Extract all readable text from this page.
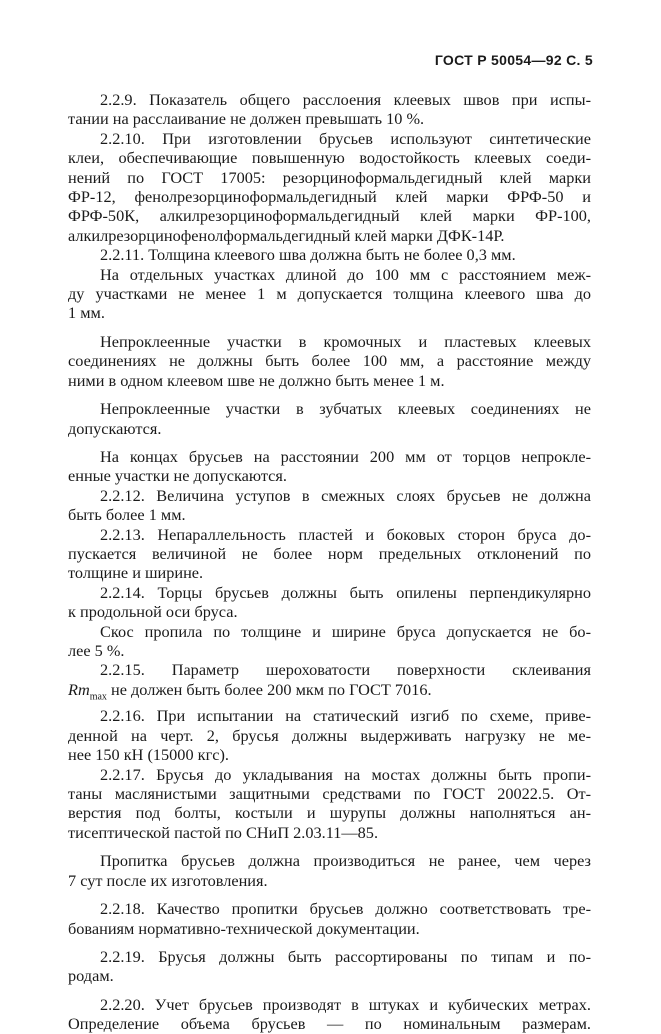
ГОСТ Р 50054—92 С. 5
2.2.9. Показатель общего расслоения клеевых швов при испы-
тании на расслаивание не должен превышать 10 %.
2.2.10. При изготовлении брусьев используют синтетические
клеи, обеспечивающие повышенную водостойкость клеевых соеди-
нений по ГОСТ 17005: резорциноформальдегидный клей марки
ФР-12, фенолрезорциноформальдегидный клей марки ФРФ-50 и
ФРФ-50К, алкилрезорциноформальдегидный клей марки ФР-100,
алкилрезорцинофенолформальдегидный клей марки ДФК-14Р.
2.2.11. Толщина клеевого шва должна быть не более 0,3 мм.
На отдельных участках длиной до 100 мм с расстоянием меж-
ду участками не менее 1 м допускается толщина клеевого шва до
1 мм.
Непроклеенные участки в кромочных и пластевых клеевых
соединениях не должны быть более 100 мм, а расстояние между
ними в одном клеевом шве не должно быть менее 1 м.
Непроклеенные участки в зубчатых клеевых соединениях не
допускаются.
На концах брусьев на расстоянии 200 мм от торцов непрокле-
енные участки не допускаются.
2.2.12. Величина уступов в смежных слоях брусьев не должна
быть более 1 мм.
2.2.13. Непараллельность пластей и боковых сторон бруса до-
пускается величиной не более норм предельных отклонений по
толщине и ширине.
2.2.14. Торцы брусьев должны быть опилены перпендикулярно
к продольной оси бруса.
Скос пропила по толщине и ширине бруса допускается не бо-
лее 5 %.
2.2.15. Параметр шероховатости поверхности склеивания
$Rm_{max}$ не должен быть более 200 мкм по ГОСТ 7016.
2.2.16. При испытании на статический изгиб по схеме, приве-
денной на черт. 2, брусья должны выдерживать нагрузку не ме-
нее 150 кН (15000 кгс).
2.2.17. Брусья до укладывания на мостах должны быть пропи-
таны маслянистыми защитными средствами по ГОСТ 20022.5. От-
верстия под болты, костыли и шурупы должны наполняться ан-
тисептической пастой по СНиП 2.03.11—85.
Пропитка брусьев должна производиться не ранее, чем через
7 сут после их изготовления.
2.2.18. Качество пропитки брусьев должно соответствовать тре-
бованиям нормативно-технической документации.
2.2.19. Брусья должны быть рассортированы по типам и по-
родам.
2.2.20. Учет брусьев производят в штуках и кубических метрах.
Определение объема брусьев — по номинальным размерам.
